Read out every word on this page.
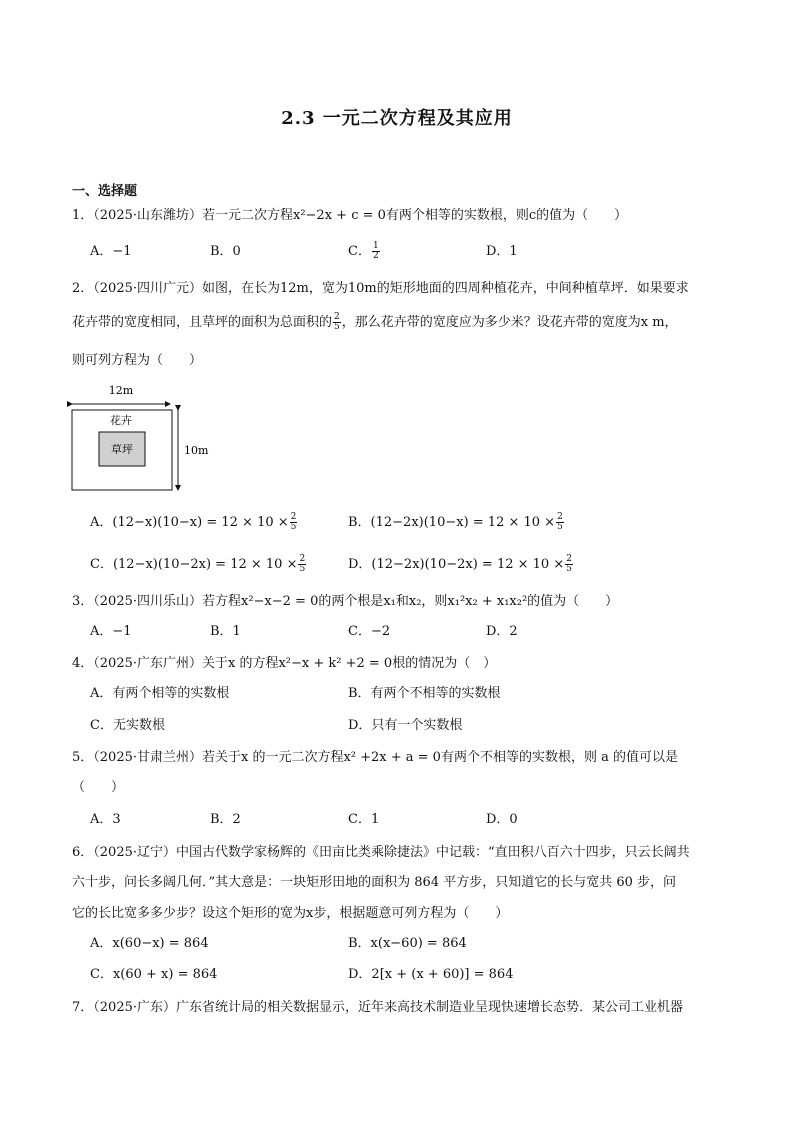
2.3 一元二次方程及其应用
一、选择题
1．（2025·山东潍坊）若一元二次方程x²−2x + c = 0有两个相等的实数根，则c的值为（　　）
A．−1	B．0	C． $\frac{1}{2}$	D．1
2．（2025·四川广元）如图，在长为12m，宽为10m的矩形地面的四周种植花卉，中间种植草坪．如果要求
花卉带的宽度相同，且草坪的面积为总面积的 $\frac{2}{5}$ ，那么花卉带的宽度应为多少米？设花卉带的宽度为x m，
则可列方程为（　　）
12m
花卉
草坪	10m
A．$(12-x)(10-x) = 12 \times 10 \times \frac{2}{5}$	B．$(12-2x)(10-x) = 12 \times 10 \times \frac{2}{5}$
C．$(12-x)(10-2x) = 12 \times 10 \times \frac{2}{5}$	D．$(12-2x)(10-2x) = 12 \times 10 \times \frac{2}{5}$
3．（2025·四川乐山）若方程x²−x−2 = 0的两个根是x₁和x₂，则x₁²x₂ + x₁x₂²的值为（　　）
A．−1	B．1	C．−2	D．2
4．（2025·广东广州）关于x 的方程x²−x + k² +2 = 0根的情况为（　）
A．有两个相等的实数根	B．有两个不相等的实数根
C．无实数根	D．只有一个实数根
5．（2025·甘肃兰州）若关于x 的一元二次方程x² +2x + a = 0有两个不相等的实数根，则 a 的值可以是
（　　）
A．3	B．2	C．1	D．0
6．（2025·辽宁）中国古代数学家杨辉的《田亩比类乘除捷法》中记载：“直田积八百六十四步，只云长阔共
六十步，问长多阔几何．”其大意是：一块矩形田地的面积为 864 平方步，只知道它的长与宽共 60 步，问
它的长比宽多多少步？设这个矩形的宽为x步，根据题意可列方程为（　　）
A．x(60−x) = 864	B．x(x−60) = 864
C．x(60 + x) = 864	D．2[x + (x + 60)] = 864
7．（2025·广东）广东省统计局的相关数据显示，近年来高技术制造业呈现快速增长态势．某公司工业机器
